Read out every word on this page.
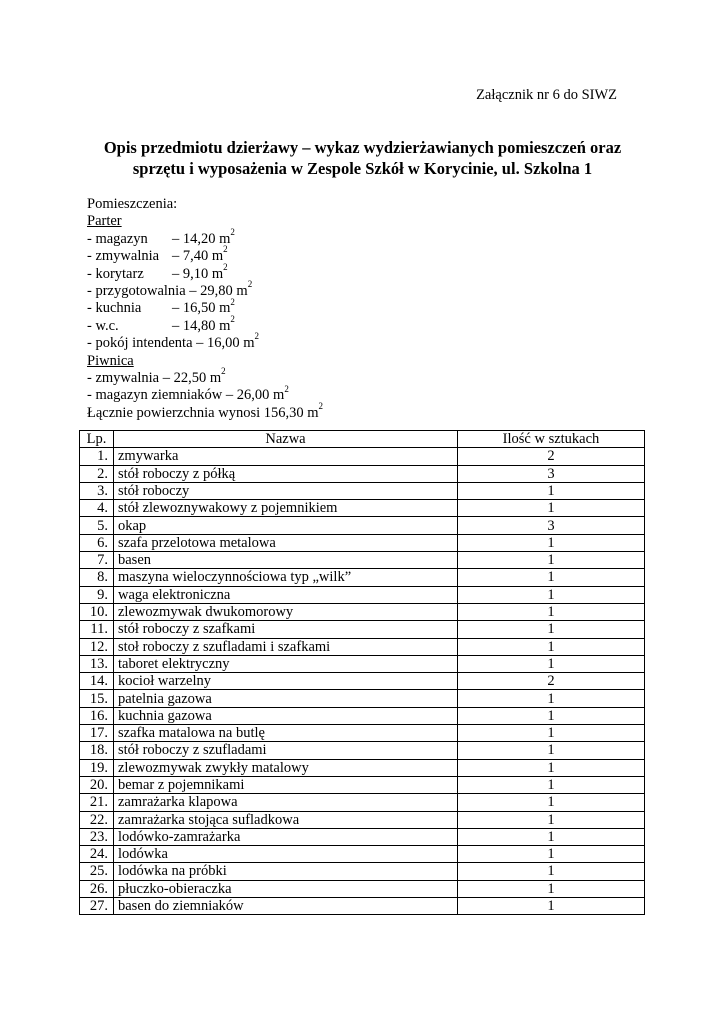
Załącznik nr 6 do SIWZ
Opis przedmiotu dzierżawy – wykaz wydzierżawianych pomieszczeń oraz
sprzętu i wyposażenia w Zespole Szkół w Korycinie, ul. Szkolna 1
Pomieszczenia:
Parter
- magazyn – 14,20 $m^2$
- zmywalnia – 7,40 $m^2$
- korytarz – 9,10 $m^2$
- przygotowalnia – 29,80 $m^2$
- kuchnia – 16,50 $m^2$
- w.c.	– 14,80 $m^2$
- pokój intendenta – 16,00 $m^2$
Piwnica
- zmywalnia – 22,50 $m^2$
- magazyn ziemniaków – 26,00 $m^2$
Łącznie powierzchnia wynosi 156,30 $m^2$
Lp.	Nazwa	Ilość w sztukach
1.	zmywarka	2
2.	stół roboczy z półką	3
3.	stół roboczy	1
4.	stół zlewoznywakowy z pojemnikiem	1
5.	okap	3
6.	szafa przelotowa metalowa	1
7.	basen	1
8.	maszyna wieloczynnościowa typ „wilk”	1
9.	waga elektroniczna	1
10.	zlewozmywak dwukomorowy	1
11.	stół roboczy z szafkami	1
12.	stoł roboczy z szufladami i szafkami	1
13.	taboret elektryczny	1
14.	kocioł warzelny	2
15.	patelnia gazowa	1
16.	kuchnia gazowa	1
17.	szafka matalowa na butlę	1
18.	stół roboczy z szufladami	1
19.	zlewozmywak zwykły matalowy	1
20.	bemar z pojemnikami	1
21.	zamrażarka klapowa	1
22.	zamrażarka stojąca sufladkowa	1
23.	lodówko-zamrażarka	1
24.	lodówka	1
25.	lodówka na próbki	1
26.	płuczko-obieraczka	1
27.	basen do ziemniaków	1
